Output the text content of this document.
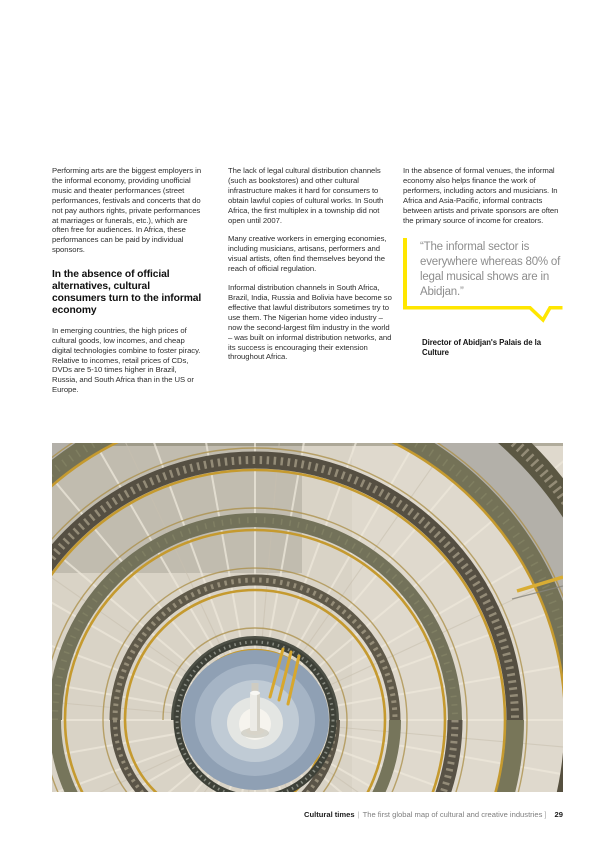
Performing arts are the biggest employers in the informal economy, providing unofficial music and theater performances (street performances, festivals and concerts that do not pay authors rights, private performances at marriages or funerals, etc.), which are often free for audiences. In Africa, these performances can be paid by individual sponsors.

In the absence of official alternatives, cultural consumers turn to the informal economy

In emerging countries, the high prices of cultural goods, low incomes, and cheap digital technologies combine to foster piracy. Relative to incomes, retail prices of CDs, DVDs are 5-10 times higher in Brazil, Russia, and South Africa than in the US or Europe.

The lack of legal cultural distribution channels (such as bookstores) and other cultural infrastructure makes it hard for consumers to obtain lawful copies of cultural works. In South Africa, the first multiplex in a township did not open until 2007.

Many creative workers in emerging economies, including musicians, artisans, performers and visual artists, often find themselves beyond the reach of official regulation.

Informal distribution channels in South Africa, Brazil, India, Russia and Bolivia have become so effective that lawful distributors sometimes try to use them. The Nigerian home video industry – now the second-largest film industry in the world – was built on informal distribution networks, and its success is encouraging their extension throughout Africa.

In the absence of formal venues, the informal economy also helps finance the work of performers, including actors and musicians. In Africa and Asia-Pacific, informal contracts between artists and private sponsors are often the primary source of income for creators.

“The informal sector is everywhere whereas 80% of legal musical shows are in Abidjan.”
Director of Abidjan's Palais de la Culture
Cultural times | The first global map of cultural and creative industries ] 29
